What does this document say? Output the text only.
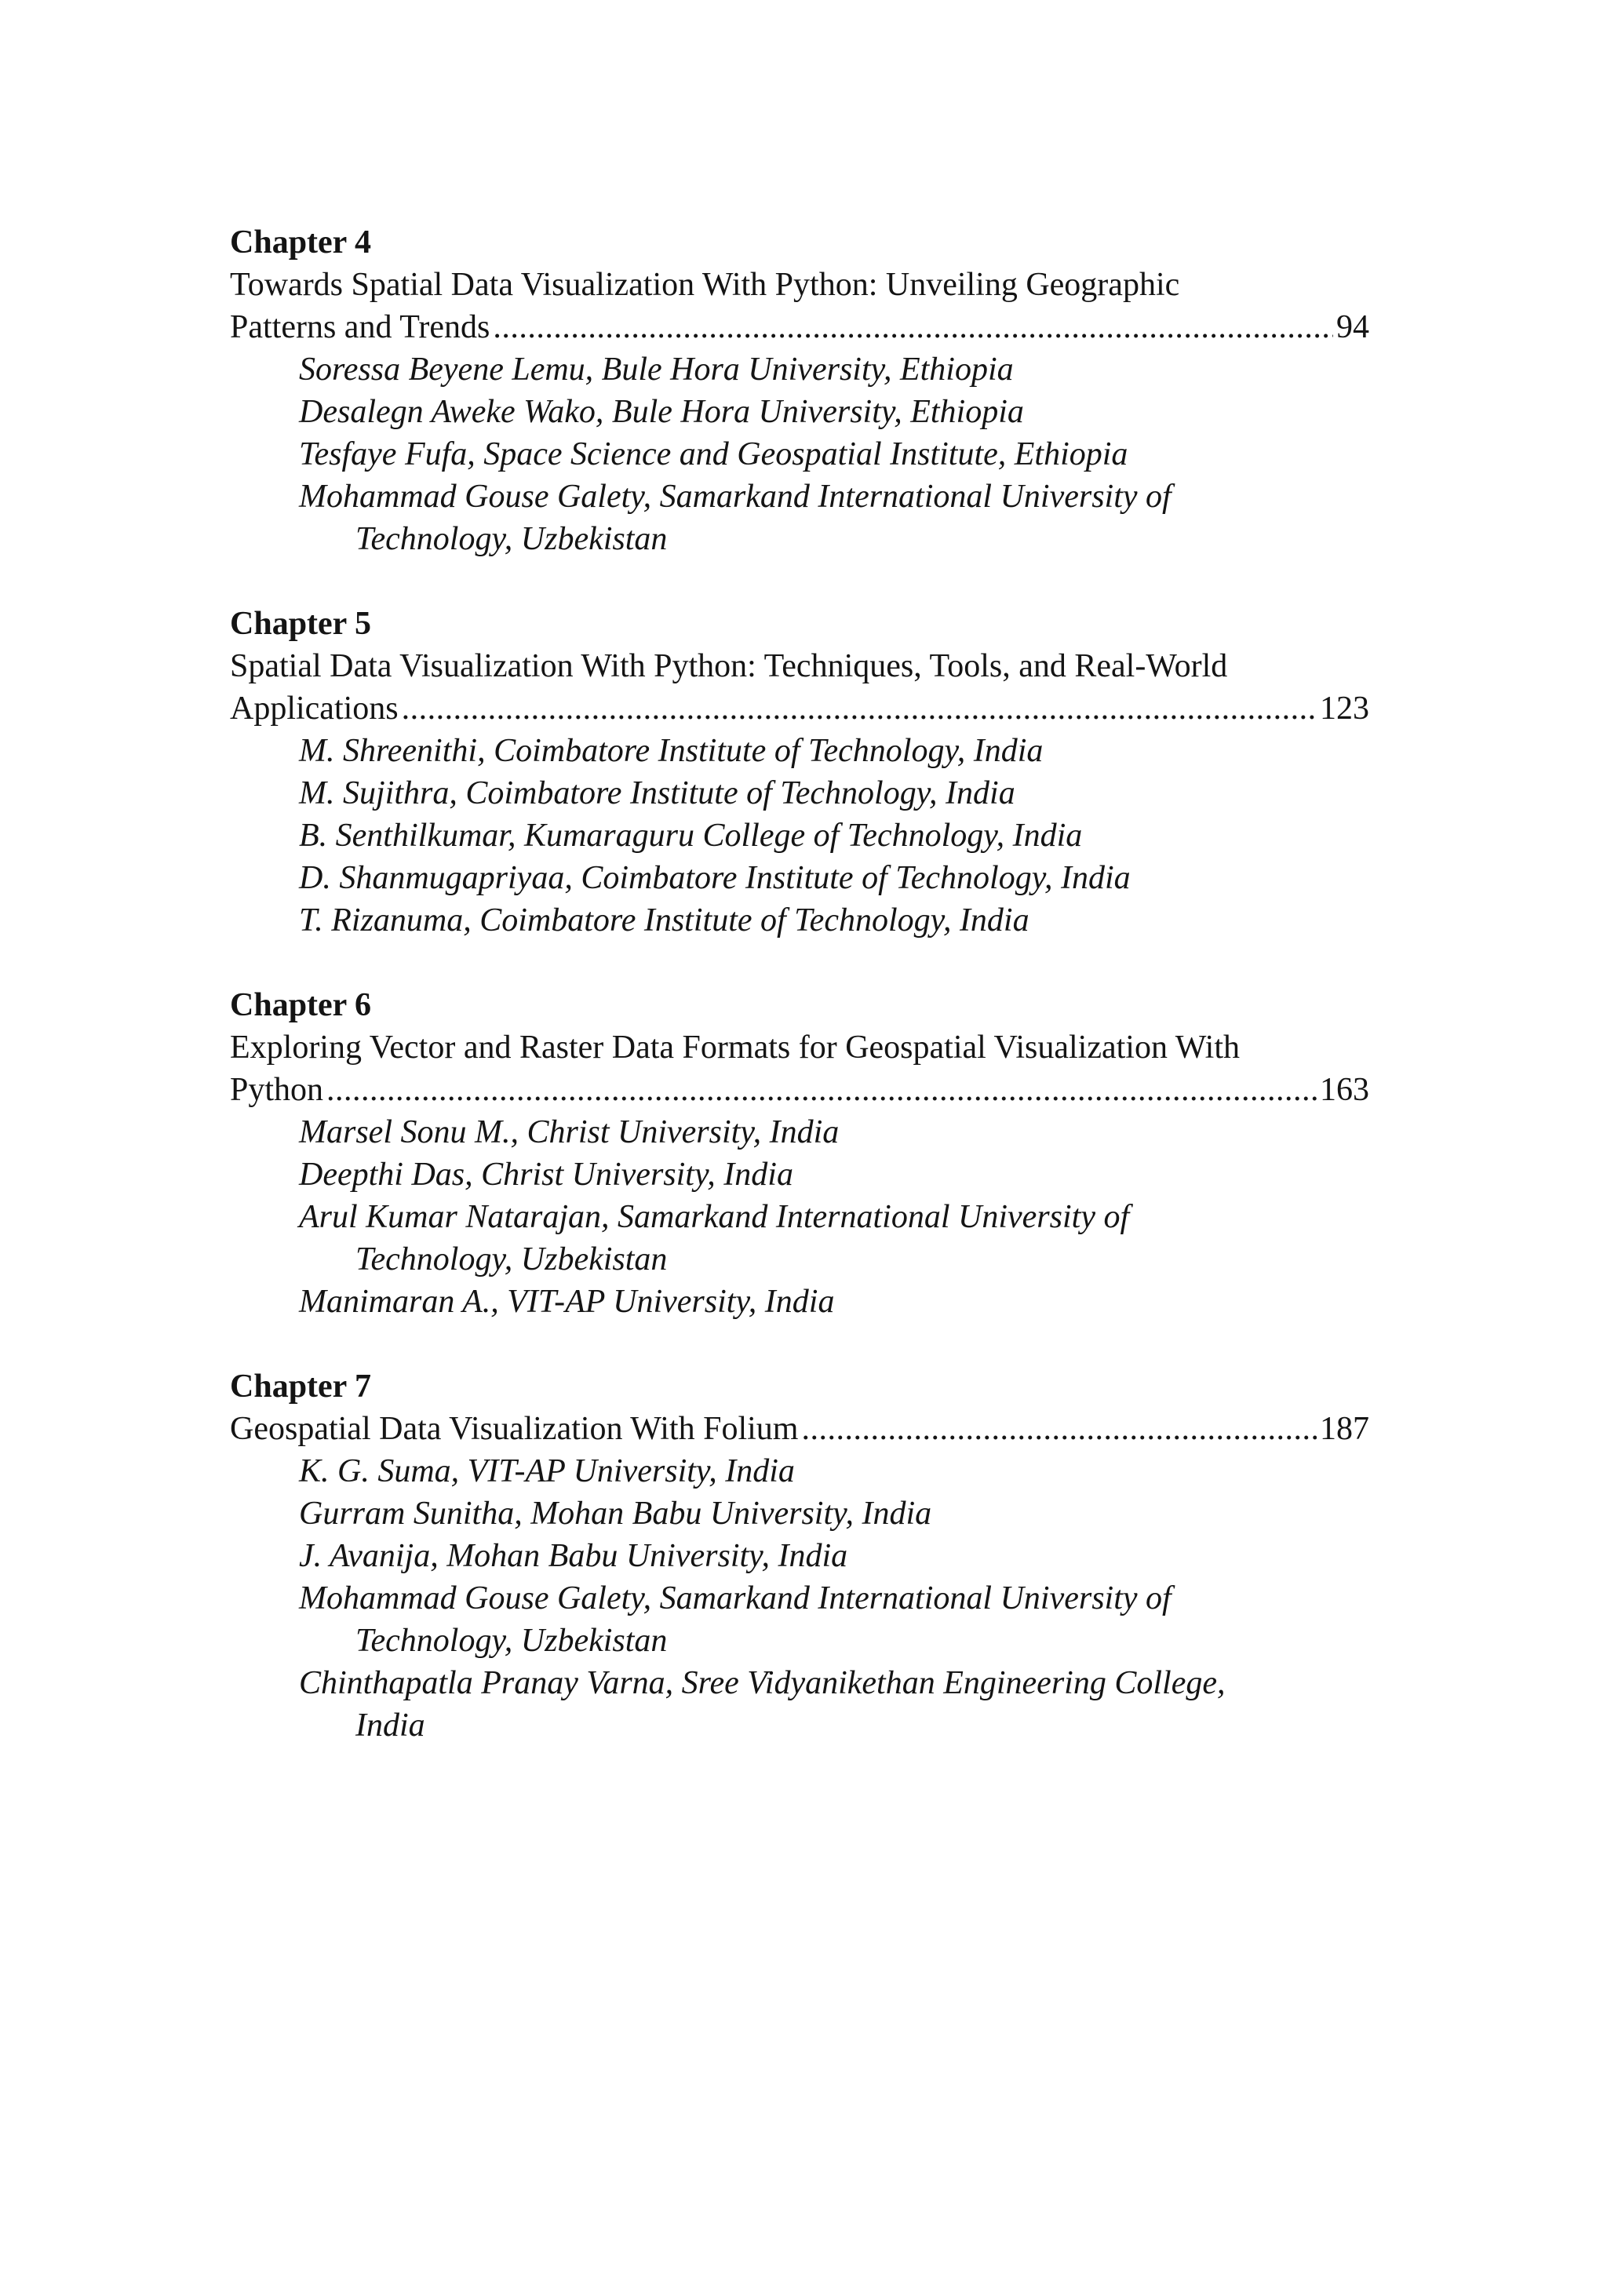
Chapter 4
Towards Spatial Data Visualization With Python: Unveiling Geographic
Patterns and Trends . . .	94
Soressa Beyene Lemu, Bule Hora University, Ethiopia
Desalegn Aweke Wako, Bule Hora University, Ethiopia
Tesfaye Fufa, Space Science and Geospatial Institute, Ethiopia
Mohammad Gouse Galety, Samarkand International University of
Technology, Uzbekistan
Chapter 5
Spatial Data Visualization With Python: Techniques, Tools, and Real-World
Applications . . .	123
M. Shreenithi, Coimbatore Institute of Technology, India
M. Sujithra, Coimbatore Institute of Technology, India
B. Senthilkumar, Kumaraguru College of Technology, India
D. Shanmugapriyaa, Coimbatore Institute of Technology, India
T. Rizanuma, Coimbatore Institute of Technology, India
Chapter 6
Exploring Vector and Raster Data Formats for Geospatial Visualization With
Python . . .	163
Marsel Sonu M., Christ University, India
Deepthi Das, Christ University, India
Arul Kumar Natarajan, Samarkand International University of
Technology, Uzbekistan
Manimaran A., VIT-AP University, India
Chapter 7
Geospatial Data Visualization With Folium . . .	187
K. G. Suma, VIT-AP University, India
Gurram Sunitha, Mohan Babu University, India
J. Avanija, Mohan Babu University, India
Mohammad Gouse Galety, Samarkand International University of
Technology, Uzbekistan
Chinthapatla Pranay Varna, Sree Vidyanikethan Engineering College,
India
